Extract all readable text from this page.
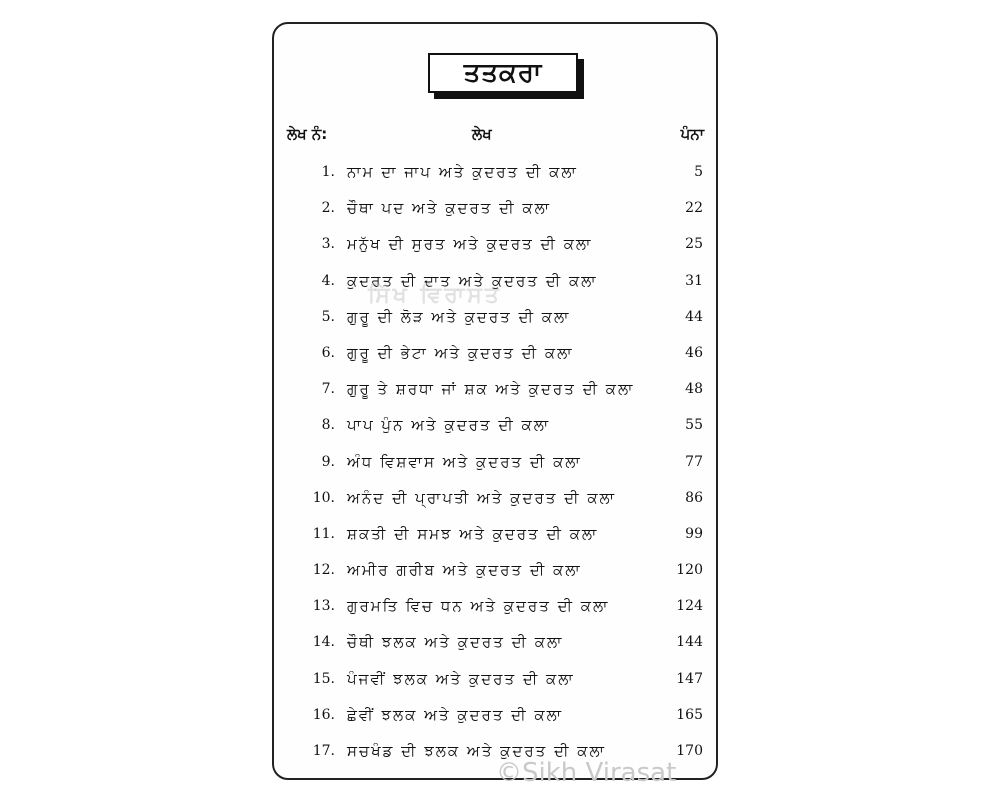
ਤਤਕਰਾ
ਲੇਖ ਨੰ:	ਲੇਖ	ਪੰਨਾ
1. ਨਾਮ ਦਾ ਜਾਪ ਅਤੇ ਕੁਦਰਤ ਦੀ ਕਲਾ	5
2. ਚੌਥਾ ਪਦ ਅਤੇ ਕੁਦਰਤ ਦੀ ਕਲਾ	22
3. ਮਨੁੱਖ ਦੀ ਸੁਰਤ ਅਤੇ ਕੁਦਰਤ ਦੀ ਕਲਾ	25
4. ਕੁਦਰਤ ਦੀ ਦਾਤ ਅਤੇ ਕੁਦਰਤ ਦੀ ਕਲਾ	31
5. ਗੁਰੂ ਦੀ ਲੋੜ ਅਤੇ ਕੁਦਰਤ ਦੀ ਕਲਾ	44
6. ਗੁਰੂ ਦੀ ਭੇਟਾ ਅਤੇ ਕੁਦਰਤ ਦੀ ਕਲਾ	46
7. ਗੁਰੂ ਤੇ ਸ਼ਰਧਾ ਜਾਂ ਸ਼ਕ ਅਤੇ ਕੁਦਰਤ ਦੀ ਕਲਾ	48
8. ਪਾਪ ਪੁੰਨ ਅਤੇ ਕੁਦਰਤ ਦੀ ਕਲਾ	55
9. ਅੰਧ ਵਿਸ਼ਵਾਸ ਅਤੇ ਕੁਦਰਤ ਦੀ ਕਲਾ	77
10. ਅਨੰਦ ਦੀ ਪ੍ਰਾਪਤੀ ਅਤੇ ਕੁਦਰਤ ਦੀ ਕਲਾ	86
11. ਸ਼ਕਤੀ ਦੀ ਸਮਝ ਅਤੇ ਕੁਦਰਤ ਦੀ ਕਲਾ	99
12. ਅਮੀਰ ਗਰੀਬ ਅਤੇ ਕੁਦਰਤ ਦੀ ਕਲਾ	120
13. ਗੁਰਮਤਿ ਵਿਚ ਧਨ ਅਤੇ ਕੁਦਰਤ ਦੀ ਕਲਾ	124
14. ਚੌਥੀ ਝਲਕ ਅਤੇ ਕੁਦਰਤ ਦੀ ਕਲਾ	144
15. ਪੰਜਵੀਂ ਝਲਕ ਅਤੇ ਕੁਦਰਤ ਦੀ ਕਲਾ	147
16. ਛੇਵੀਂ ਝਲਕ ਅਤੇ ਕੁਦਰਤ ਦੀ ਕਲਾ	165
17. ਸਚਖੰਡ ਦੀ ਝਲਕ ਅਤੇ ਕੁਦਰਤ ਦੀ ਕਲਾ	170
ਸਿੱਖ ਵਿਰਾਸਤ
©Sikh Virasat
